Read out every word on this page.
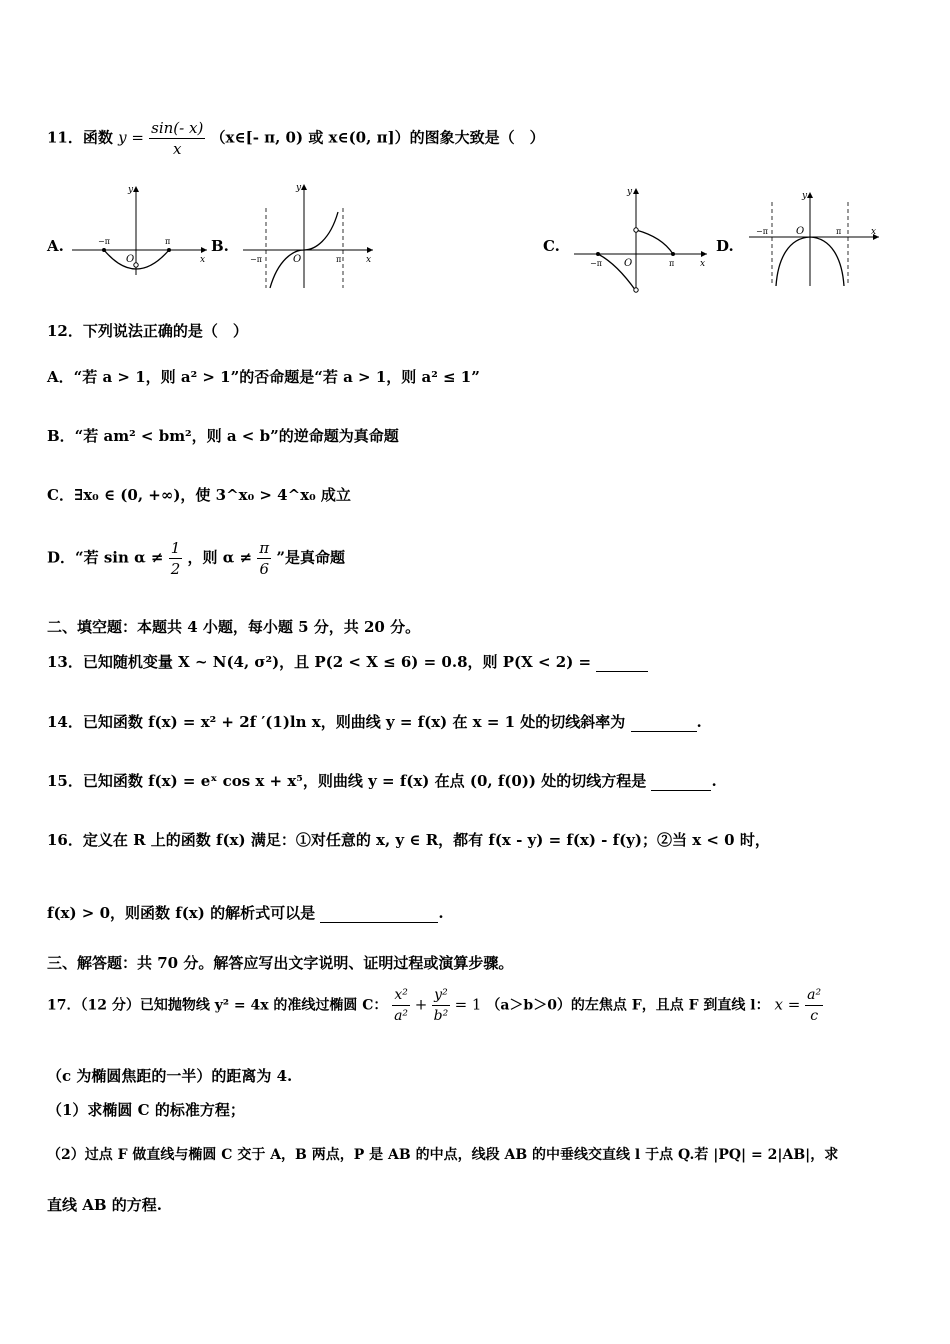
11．函数 $y = \frac{\sin(- x)}{x}$ （x∈[- π, 0) 或 x∈(0, π]）的图象大致是（　）
A.	B.	C.	D.
y
x
−π	π
O
y
x
−π	π
O
y
x
−π	π
O
y
x
−π	π
O
12．下列说法正确的是（　）
A．“若 a > 1，则 a² > 1”的否命题是“若 a > 1，则 a² ≤ 1”
B．“若 am² < bm²，则 a < b”的逆命题为真命题
C．∃x₀ ∈ (0, +∞)，使 3^x₀ > 4^x₀ 成立
D．“若 $\sin \alpha \ne \frac{1}{2}$ ，则 $\alpha \ne \frac{\pi}{6}$ ”是真命题
二、填空题：本题共 4 小题，每小题 5 分，共 20 分。
13．已知随机变量 X ~ N(4, σ²)，且 P(2 < X ≤ 6) = 0.8，则 P(X < 2) =
14．已知函数 f(x) = x² + 2f ′(1)ln x，则曲线 y = f(x) 在 x = 1 处的切线斜率为	.
15．已知函数 f(x) = eˣ cos x + x⁵，则曲线 y = f(x) 在点 (0, f(0)) 处的切线方程是	.
16．定义在 R 上的函数 f(x) 满足：①对任意的 x, y ∈ R，都有 f(x - y) = f(x) - f(y)；②当 x < 0 时，
f(x) > 0，则函数 f(x) 的解析式可以是	.
三、解答题：共 70 分。解答应写出文字说明、证明过程或演算步骤。
17．（12 分）已知抛物线 y² = 4x 的准线过椭圆 C： $\frac{\text{x²}}{\text{a²}} + \frac{\text{y²}}{\text{b²}} = 1$ （a＞b＞0）的左焦点 F，且点 F 到直线 l： $x = \frac{\text{a²}}{c}$
（c 为椭圆焦距的一半）的距离为 4.
（1）求椭圆 C 的标准方程；
（2）过点 F 做直线与椭圆 C 交于 A，B 两点，P 是 AB 的中点，线段 AB 的中垂线交直线 l 于点 Q.若 |PQ| = 2|AB|，求
直线 AB 的方程.
